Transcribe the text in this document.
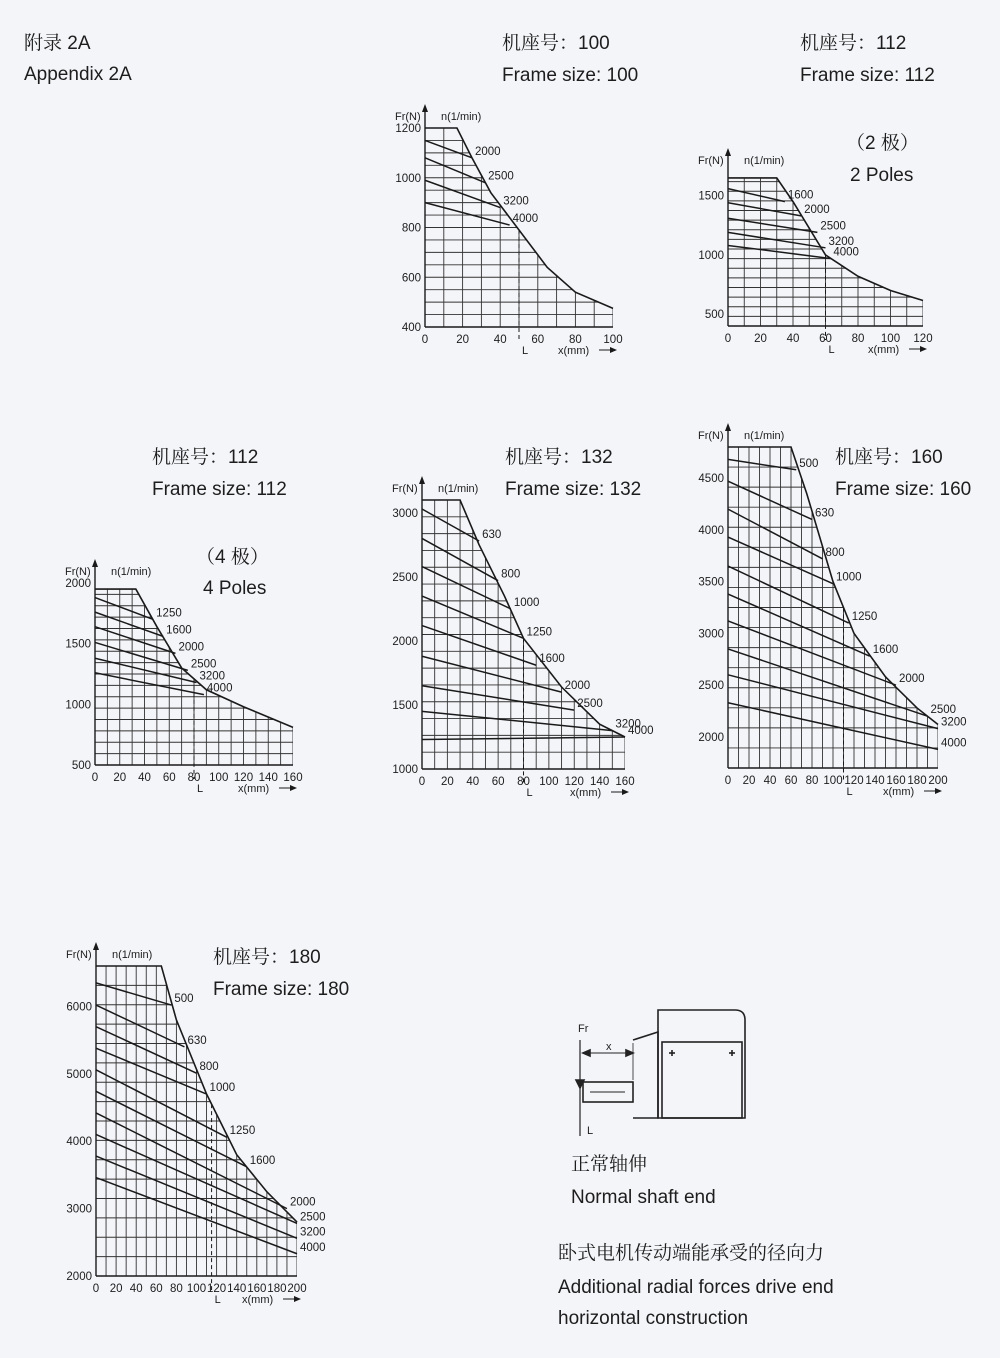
附录 2A
Appendix 2A
机座号：100
Frame size: 100
机座号：112
Frame size: 112
（2 极）
2 Poles
机座号：112
Frame size: 112
（4 极）
4 Poles
机座号：132
Frame size: 132
机座号：160
Frame size: 160
机座号：180
Frame size: 180
正常轴伸
Normal shaft end
卧式电机传动端能承受的径向力
Additional radial forces drive end
horizontal construction
Fr
x
L
2000
2500
3200
4000
L
0 20 40 60 80 100
400
600
800
1000
1200
Fr(N) n(1/min)
x(mm)
1600
2000
2500
3200
4000
L
0 20 40 60 80 100 120
500
1000
1500
Fr(N) n(1/min)
x(mm)
1250
1600
2000
2500
3200
4000
L
0 20 40 60 80 100 120 140 160
500
1000
1500
2000
Fr(N) n(1/min)
x(mm)
630
800
1000
1250
1600
2000
2500
3200
4000
L
0 20 40 60 80 100 120 140 160
1000
1500
2000
2500
3000
Fr(N) n(1/min)
x(mm)
500
630
800
1000
1250
1600
2000
2500
3200
4000
L
0 20 40 60 80 100 120 140 160 180 200
2000
2500
3000
3500
4000
4500
Fr(N) n(1/min)
x(mm)
500
630
800
1000
1250
1600
2000
2500
3200
4000
L
0 20 40 60 80 100 120 140 160 180 200
2000
3000
4000
5000
6000
Fr(N) n(1/min)
x(mm)
